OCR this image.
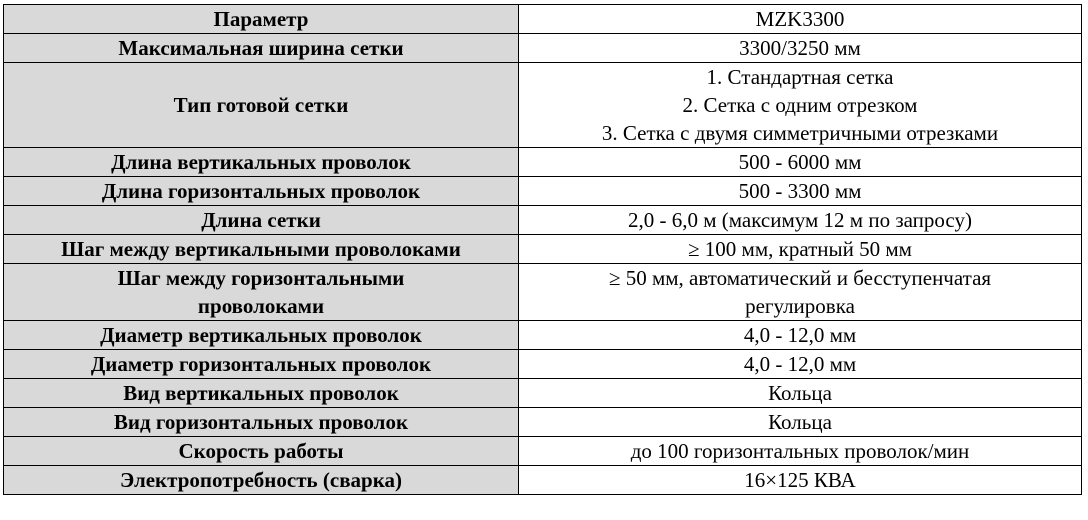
Параметр	MZK3300
Максимальная ширина сетки	3300/3250 мм
Тип готовой сетки	1. Стандартная сетка
2. Сетка с одним отрезком
3. Сетка с двумя симметричными отрезками

Длина вертикальных проволок	500 - 6000 мм
Длина горизонтальных проволок	500 - 3300 мм
Длина сетки	2,0 - 6,0 м (максимум 12 м по запросу)
Шаг между вертикальными проволоками	≥ 100 мм, кратный 50 мм

Шаг между горизонтальными
проволоками	≥ 50 мм, автоматический и бесступенчатая
регулировка

Диаметр вертикальных проволок	4,0 - 12,0 мм
Диаметр горизонтальных проволок	4,0 - 12,0 мм
Вид вертикальных проволок	Кольца
Вид горизонтальных проволок	Кольца
Скорость работы	до 100 горизонтальных проволок/мин
Электропотребность (сварка)	16×125 КВА
